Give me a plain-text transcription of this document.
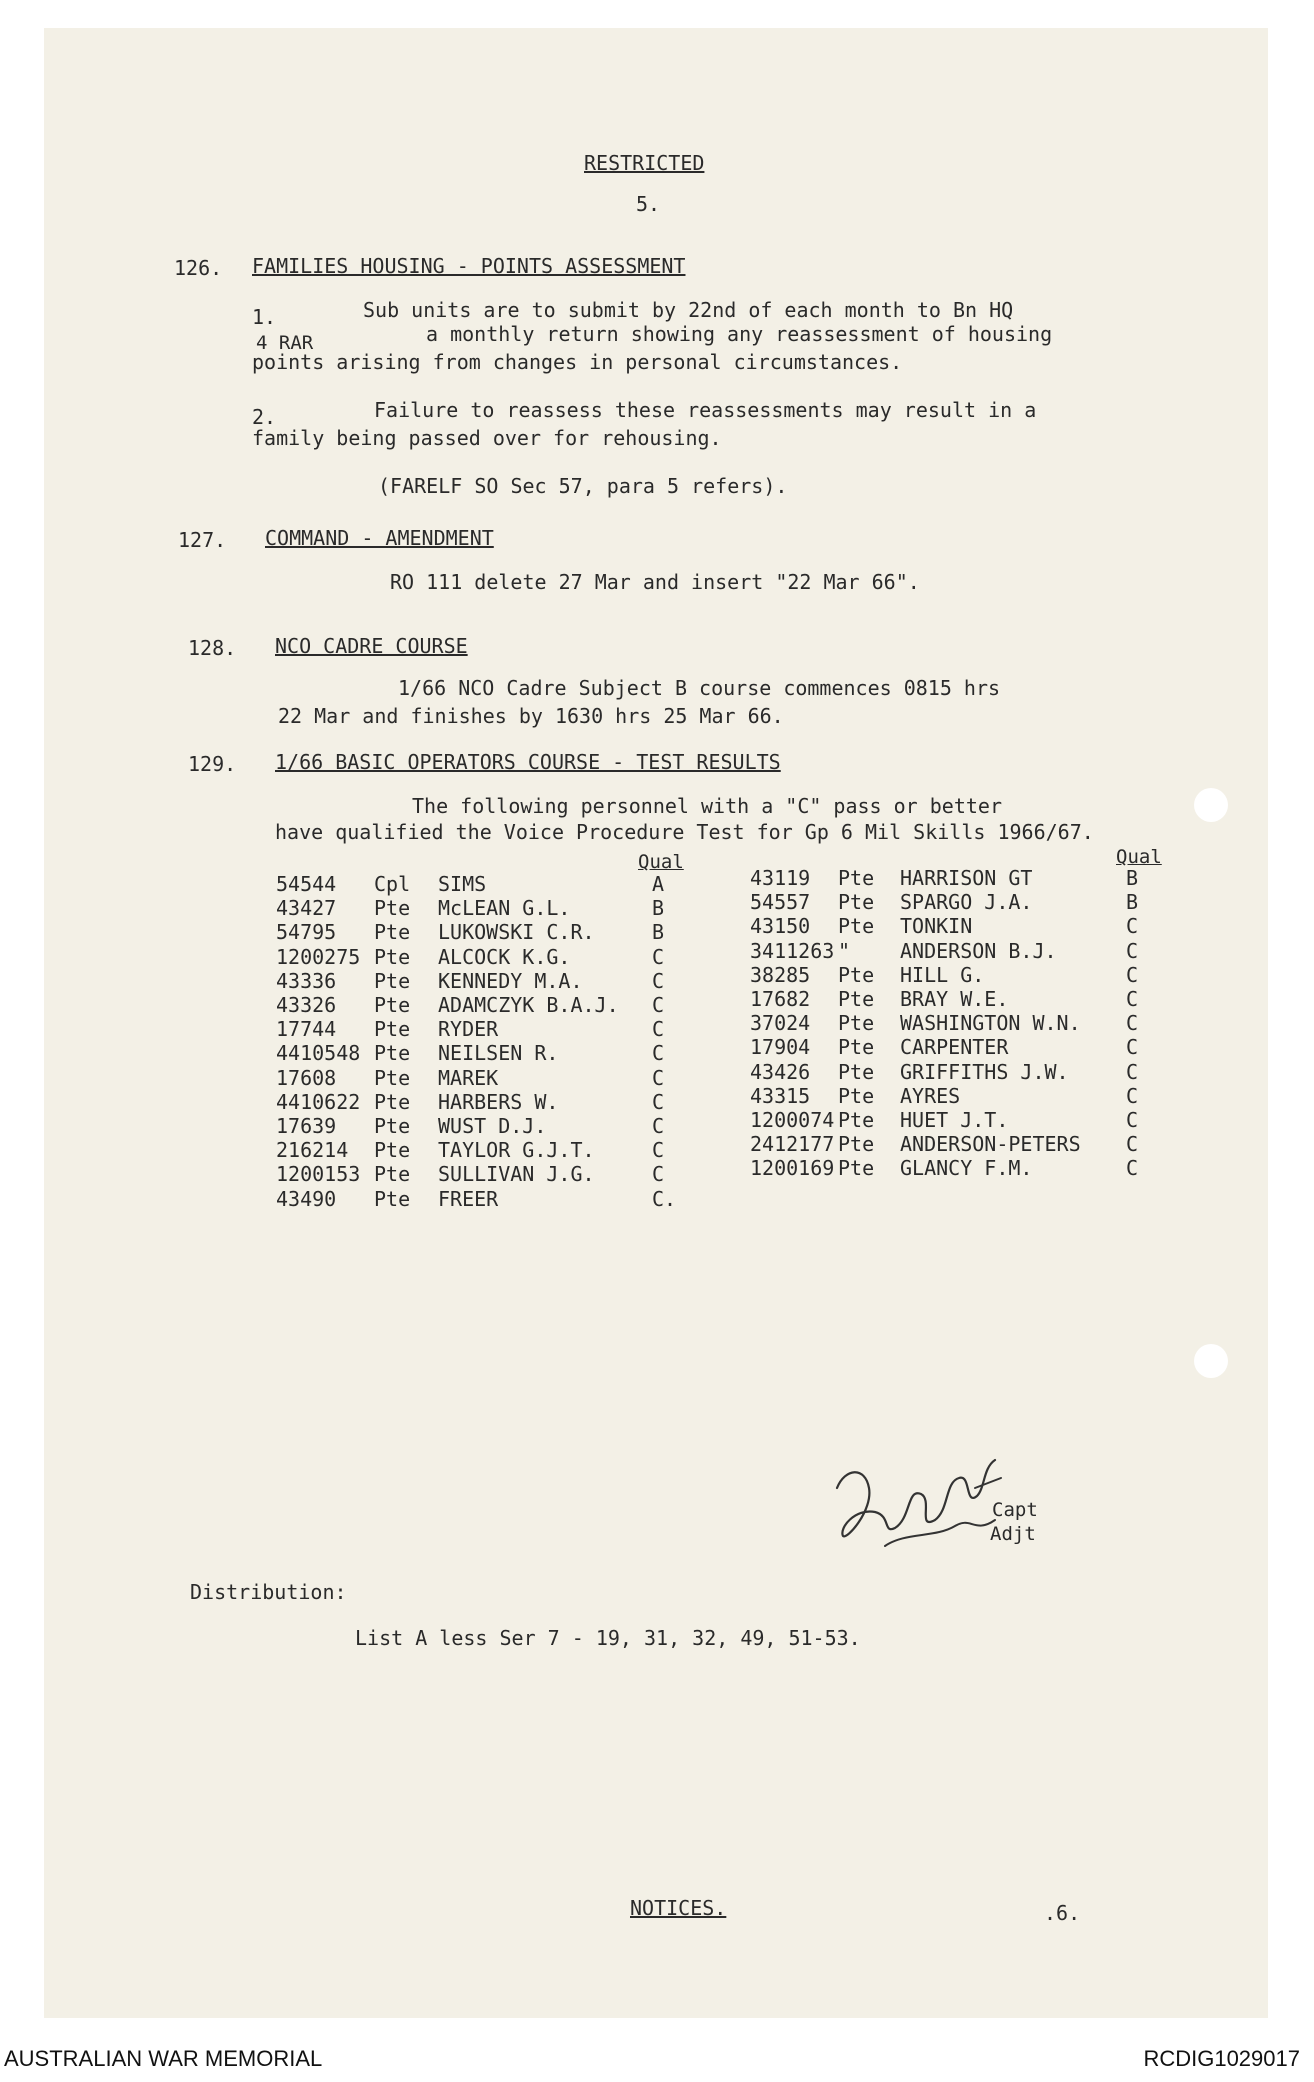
RESTRICTED
5.
126. FAMILIES HOUSING - POINTS ASSESSMENT
1.	Sub units are to submit by 22nd of each month to Bn HQ
4 RAR	a monthly return showing any reassessment of housing
points arising from changes in personal circumstances.
2.	Failure to reassess these reassessments may result in a
family being passed over for rehousing.
(FARELF SO Sec 57, para 5 refers).
127. COMMAND - AMENDMENT
RO 111 delete 27 Mar and insert "22 Mar 66".
128. NCO CADRE COURSE
1/66 NCO Cadre Subject B course commences 0815 hrs
22 Mar and finishes by 1630 hrs 25 Mar 66.
129. 1/66 BASIC OPERATORS COURSE - TEST RESULTS
The following personnel with a "C" pass or better
have qualified the Voice Procedure Test for Gp 6 Mil Skills 1966/67.
Qual	Qual
54544 Cpl SIMS	A
43427 Pte McLEAN G.L.	B
54795 Pte LUKOWSKI C.R.	B
1200275 Pte ALCOCK K.G.	C
43336 Pte KENNEDY M.A.	C
43326 Pte ADAMCZYK B.A.J. C
17744 Pte RYDER	C
4410548 Pte NEILSEN R.	C
17608 Pte MAREK	C
4410622 Pte HARBERS W.	C
17639 Pte WUST D.J.	C
216214 Pte TAYLOR G.J.T.	C
1200153 Pte SULLIVAN J.G.	C
43490 Pte FREER	C.
43119 Pte HARRISON GT	B
54557 Pte SPARGO J.A.	B
43150 Pte TONKIN	C
3411263 " ANDERSON B.J.	C
38285 Pte HILL G.	C
17682 Pte BRAY W.E.	C
37024 Pte WASHINGTON W.N. C
17904 Pte CARPENTER	C
43426 Pte GRIFFITHS J.W.	C
43315 Pte AYRES	C
1200074 Pte HUET J.T.	C
2412177 Pte ANDERSON-PETERS C
1200169 Pte GLANCY F.M.	C
Capt
Adjt
Distribution:
List A less Ser 7 - 19, 31, 32, 49, 51-53.
NOTICES.	.6.
AUSTRALIAN WAR MEMORIAL	RCDIG1029017
